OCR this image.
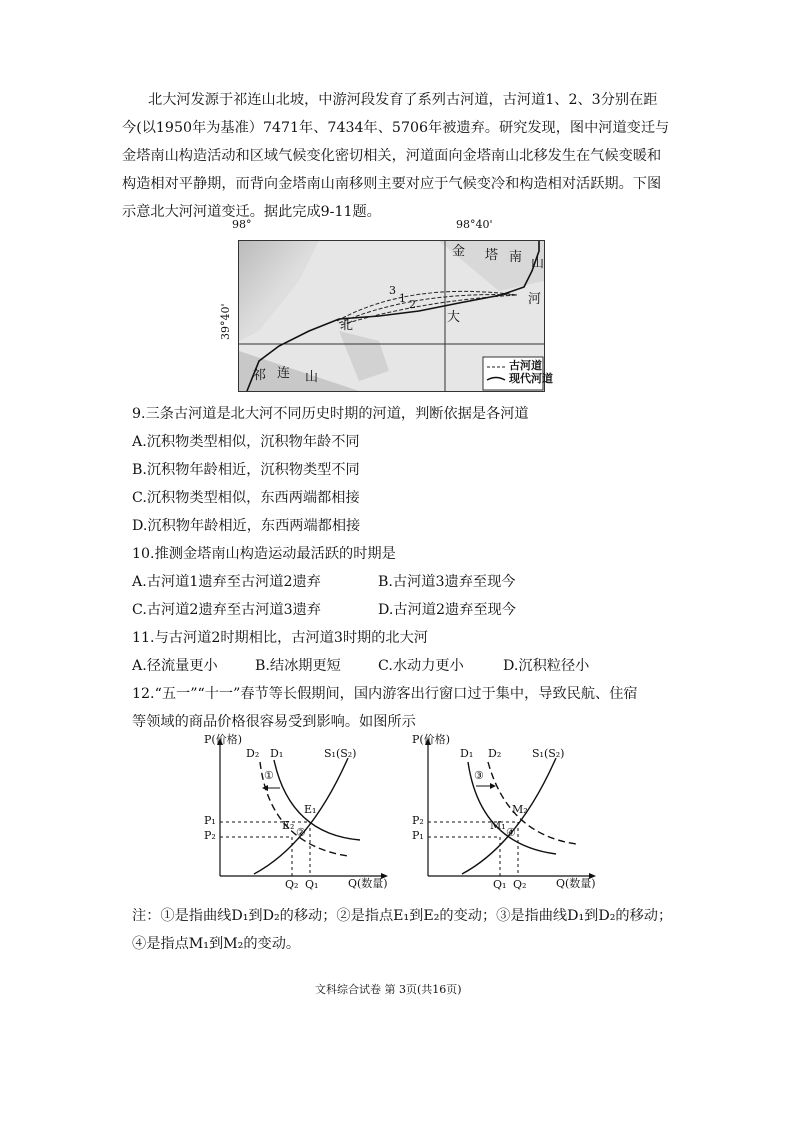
北大河发源于祁连山北坡，中游河段发育了系列古河道，古河道1、2、3分别在距
今(以1950年为基准）7471年、7434年、5706年被遗弃。研究发现，图中河道变迁与
金塔南山构造活动和区域气候变化密切相关，河道面向金塔南山北移发生在气候变暖和
构造相对平静期，而背向金塔南山南移则主要对应于气候变冷和构造相对活跃期。下图
示意北大河河道变迁。据此完成9-11题。
98°	98°40'
39°40'
金 塔 南 山
河
北
大
祁 连 山
3
1 2
古河道
现代河道
9.三条古河道是北大河不同历史时期的河道，判断依据是各河道
A.沉积物类型相似，沉积物年龄不同
B.沉积物年龄相近，沉积物类型不同
C.沉积物类型相似，东西两端都相接
D.沉积物年龄相近，东西两端都相接
10.推测金塔南山构造运动最活跃的时期是
A.古河道1遗弃至古河道2遗弃	B.古河道3遗弃至现今
C.古河道2遗弃至古河道3遗弃	D.古河道2遗弃至现今
11.与古河道2时期相比，古河道3时期的北大河
A.径流量更小	B.结冰期更短	C.水动力更小	D.沉积粒径小
12.“五一”“十一”春节等长假期间，国内游客出行窗口过于集中，导致民航、住宿
等领域的商品价格很容易受到影响。如图所示
P(价格)
Q(数量)
D₂ D₁	S₁(S₂)
P₁
P₂
Q₂ Q₁
E₁
E₂
①
②
P(价格)
Q(数量)
D₁ D₂	S₁(S₂)
P₂
P₁
Q₁ Q₂
M₂
M₁
③
④
注：①是指曲线D₁到D₂的移动；②是指点E₁到E₂的变动；③是指曲线D₁到D₂的移动；
④是指点M₁到M₂的变动。
文科综合试卷 第 3页(共16页)
